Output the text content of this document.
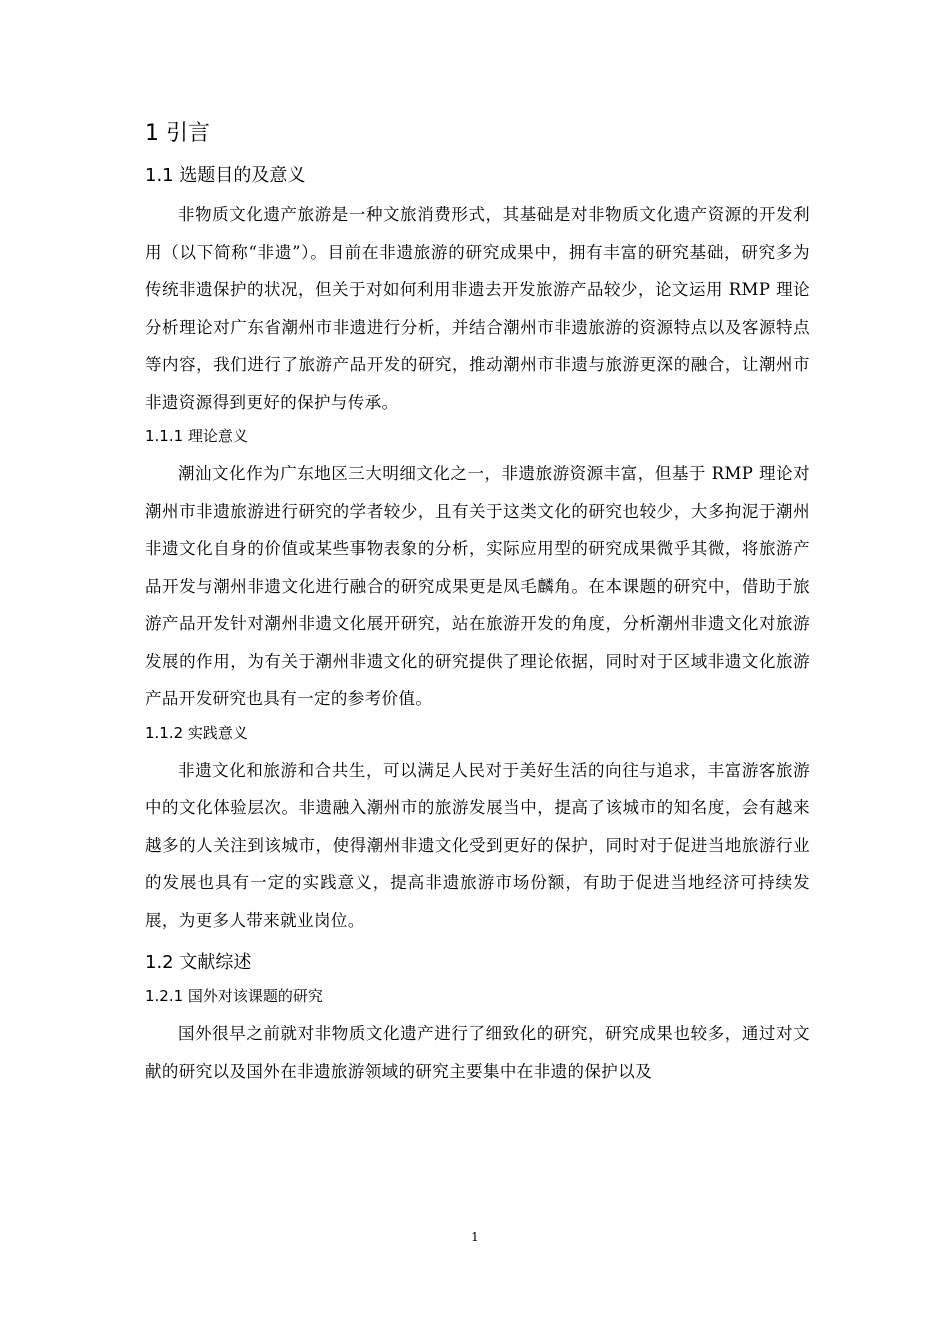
1 引言
1.1 选题目的及意义

非物质文化遗产旅游是一种文旅消费形式，其基础是对非物质文化遗产资源的开发利用（以下简称“非遗”）。目前在非遗旅游的研究成果中，拥有丰富的研究基础，研究多为传统非遗保护的状况，但关于对如何利用非遗去开发旅游产品较少，论文运用 RMP 理论分析理论对广东省潮州市非遗进行分析，并结合潮州市非遗旅游的资源特点以及客源特点等内容，我们进行了旅游产品开发的研究，推动潮州市非遗与旅游更深的融合，让潮州市非遗资源得到更好的保护与传承。

1.1.1 理论意义

潮汕文化作为广东地区三大明细文化之一，非遗旅游资源丰富，但基于 RMP 理论对潮州市非遗旅游进行研究的学者较少，且有关于这类文化的研究也较少，大多拘泥于潮州非遗文化自身的价值或某些事物表象的分析，实际应用型的研究成果微乎其微，将旅游产品开发与潮州非遗文化进行融合的研究成果更是凤毛麟角。在本课题的研究中，借助于旅游产品开发针对潮州非遗文化展开研究，站在旅游开发的角度，分析潮州非遗文化对旅游发展的作用，为有关于潮州非遗文化的研究提供了理论依据，同时对于区域非遗文化旅游产品开发研究也具有一定的参考价值。

1.1.2 实践意义

非遗文化和旅游和合共生，可以满足人民对于美好生活的向往与追求，丰富游客旅游中的文化体验层次。非遗融入潮州市的旅游发展当中，提高了该城市的知名度，会有越来越多的人关注到该城市，使得潮州非遗文化受到更好的保护，同时对于促进当地旅游行业的发展也具有一定的实践意义，提高非遗旅游市场份额，有助于促进当地经济可持续发展，为更多人带来就业岗位。

1.2 文献综述
1.2.1 国外对该课题的研究

国外很早之前就对非物质文化遗产进行了细致化的研究，研究成果也较多，通过对文献的研究以及国外在非遗旅游领域的研究主要集中在非遗的保护以及

1
